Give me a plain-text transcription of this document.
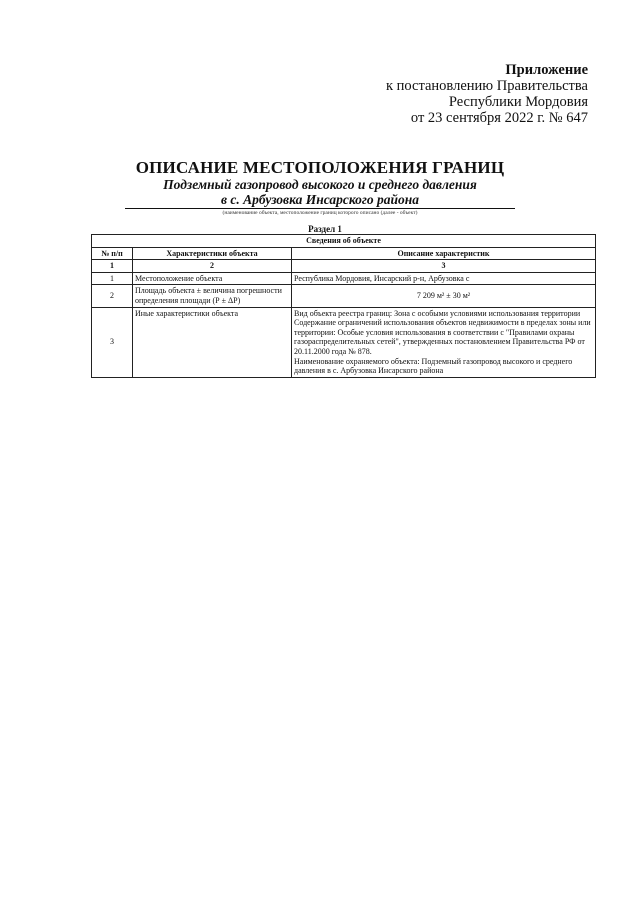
Приложение
к постановлению Правительства
Республики Мордовия
от 23 сентября 2022 г. № 647
ОПИСАНИЕ МЕСТОПОЛОЖЕНИЯ ГРАНИЦ
Подземный газопровод высокого и среднего давления
в с. Арбузовка Инсарского района
(наименование объекта, местоположение границ которого описано (далее - объект)
Раздел 1
Сведения об объекте		
№ п/п	Характеристики объекта	Описание характеристик
1	2	3
1	Местоположение объекта	Республика Мордовия, Инсарский р-н, Арбузовка с
2	Площадь объекта ± величина погрешности определения площади (Р ± ΔР)	7 209 м² ± 30 м²
3	Иные характеристики объекта	Вид объекта реестра границ: Зона с особыми условиями использования территории
Содержание ограничений использования объектов недвижимости в пределах зоны или территории: Особые условия использования в соответствии с "Правилами охраны газораспределительных сетей", утвержденных постановлением Правительства РФ от 20.11.2000 года № 878.
Наименование охраняемого объекта: Подземный газопровод высокого и среднего давления в с. Арбузовка Инсарского района
